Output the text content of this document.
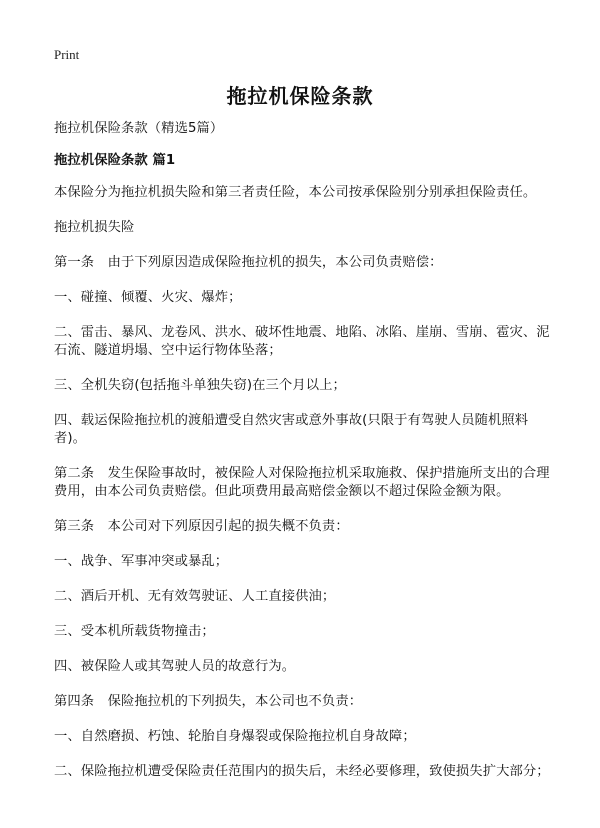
Print
拖拉机保险条款
拖拉机保险条款（精选5篇）
拖拉机保险条款 篇1
本保险分为拖拉机损失险和第三者责任险，本公司按承保险别分别承担保险责任。
拖拉机损失险
第一条　由于下列原因造成保险拖拉机的损失，本公司负责赔偿：
一、碰撞、倾覆、火灾、爆炸；
二、雷击、暴风、龙卷风、洪水、破坏性地震、地陷、冰陷、崖崩、雪崩、雹灾、泥石流、隧道坍塌、空中运行物体坠落；
三、全机失窃(包括拖斗单独失窃)在三个月以上；
四、载运保险拖拉机的渡船遭受自然灾害或意外事故(只限于有驾驶人员随机照料者)。
第二条　发生保险事故时，被保险人对保险拖拉机采取施救、保护措施所支出的合理费用，由本公司负责赔偿。但此项费用最高赔偿金额以不超过保险金额为限。
第三条　本公司对下列原因引起的损失概不负责：
一、战争、军事冲突或暴乱；
二、酒后开机、无有效驾驶证、人工直接供油；
三、受本机所载货物撞击；
四、被保险人或其驾驶人员的故意行为。
第四条　保险拖拉机的下列损失，本公司也不负责：
一、自然磨损、朽蚀、轮胎自身爆裂或保险拖拉机自身故障；
二、保险拖拉机遭受保险责任范围内的损失后，未经必要修理，致使损失扩大部分；
